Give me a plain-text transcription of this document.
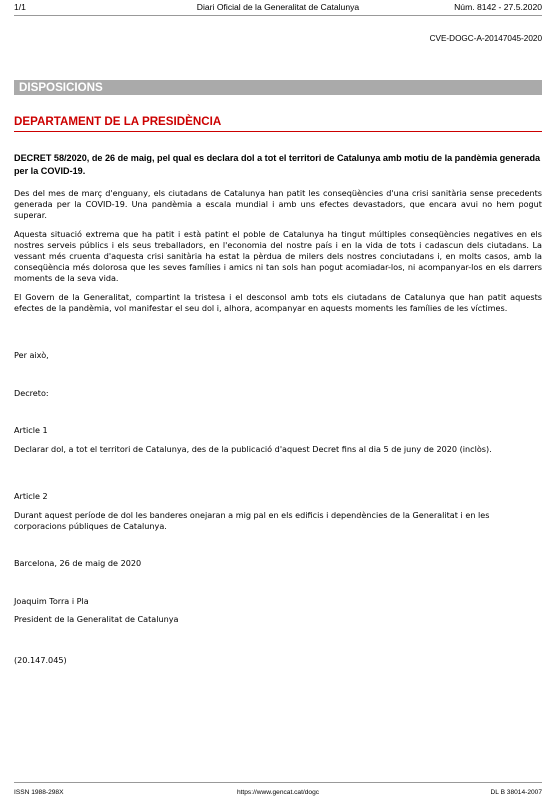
1/1	Diari Oficial de la Generalitat de Catalunya	Núm. 8142 - 27.5.2020
CVE-DOGC-A-20147045-2020
DISPOSICIONS
DEPARTAMENT DE LA PRESIDÈNCIA

DECRET 58/2020, de 26 de maig, pel qual es declara dol a tot el territori de Catalunya amb motiu de la pandèmia generada per la COVID-19.

Des del mes de març d'enguany, els ciutadans de Catalunya han patit les conseqüències d'una crisi sanitària sense precedents generada per la COVID-19. Una pandèmia a escala mundial i amb uns efectes devastadors, que encara avui no hem pogut superar.

Aquesta situació extrema que ha patit i està patint el poble de Catalunya ha tingut múltiples conseqüències negatives en els nostres serveis públics i els seus treballadors, en l'economia del nostre país i en la vida de tots i cadascun dels ciutadans. La vessant més cruenta d'aquesta crisi sanitària ha estat la pèrdua de milers dels nostres conciutadans i, en molts casos, amb la conseqüència més dolorosa que les seves famílies i amics ni tan sols han pogut acomiadar-los, ni acompanyar-los en els darrers moments de la seva vida.

El Govern de la Generalitat, compartint la tristesa i el desconsol amb tots els ciutadans de Catalunya que han patit aquests efectes de la pandèmia, vol manifestar el seu dol i, alhora, acompanyar en aquests moments les famílies de les víctimes.

Per això,
Decreto:
Article 1
Declarar dol, a tot el territori de Catalunya, des de la publicació d'aquest Decret fins al dia 5 de juny de 2020 (inclòs).
Article 2
Durant aquest període de dol les banderes onejaran a mig pal en els edificis i dependències de la Generalitat i en les corporacions públiques de Catalunya.
Barcelona, 26 de maig de 2020
Joaquim Torra i Pla
President de la Generalitat de Catalunya
(20.147.045)
ISSN 1988-298X	https://www.gencat.cat/dogc	DL B 38014-2007
